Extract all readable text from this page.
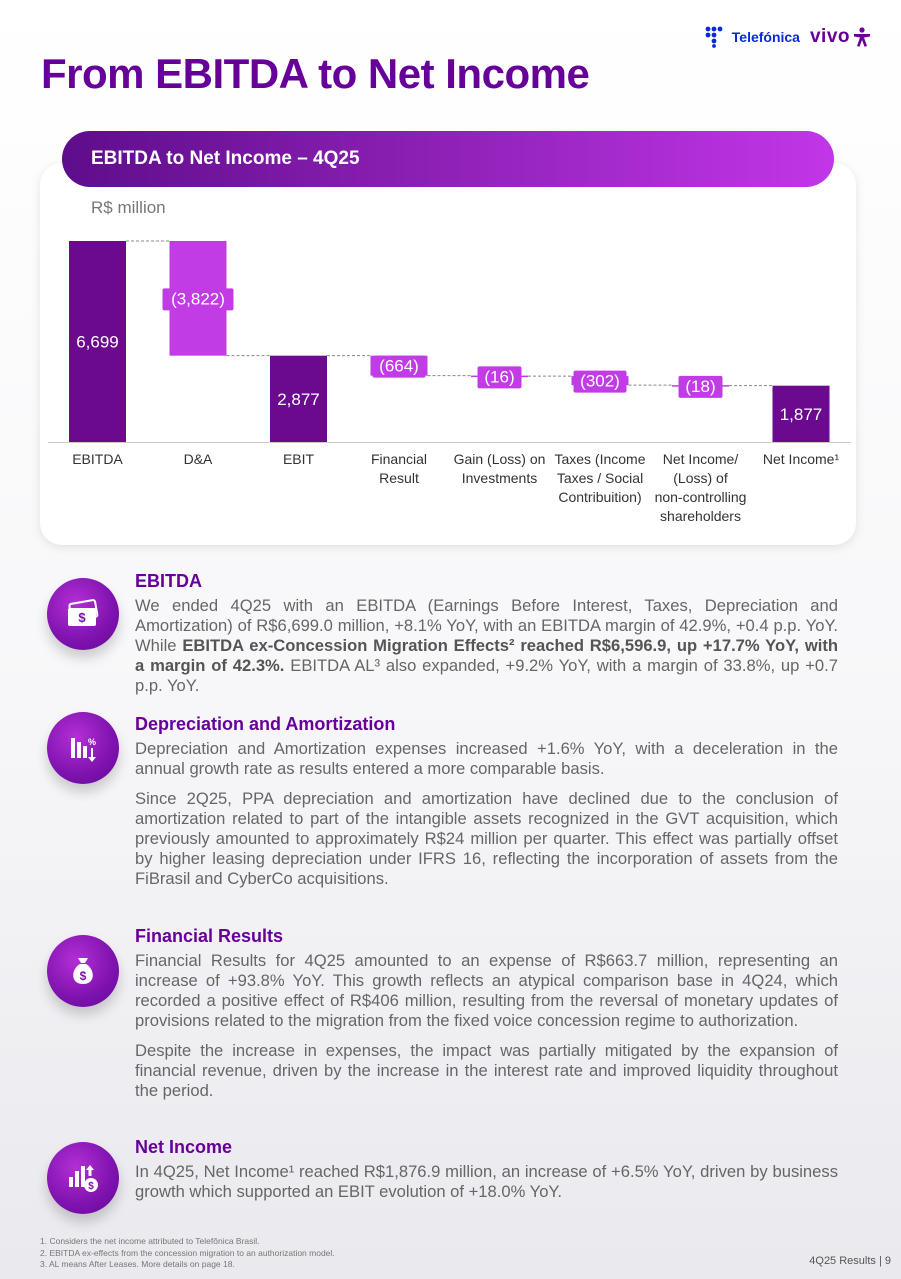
Telefónica vivo
From EBITDA to Net Income
EBITDA to Net Income – 4Q25
R$ million
6,699
EBITDA
(3,822)
D&A
2,877
EBIT
(664)
Financial
Result
(16)
Gain (Loss) on
Investments
(302)
Taxes (Income
Taxes / Social
Contribuition)
(18)
Net Income/
(Loss) of
non-controlling
shareholders
1,877
Net Income¹
$
EBITDA

We ended 4Q25 with an EBITDA (Earnings Before Interest, Taxes, Depreciation and Amortization) of R$6,699.0 million, +8.1% YoY, with an EBITDA margin of 42.9%, +0.4 p.p. YoY. While EBITDA ex-Concession Migration Effects² reached R$6,596.9, up +17.7% YoY, with a margin of 42.3%. EBITDA AL³ also expanded, +9.2% YoY, with a margin of 33.8%, up +0.7 p.p. YoY.

%
Depreciation and Amortization

Depreciation and Amortization expenses increased +1.6% YoY, with a deceleration in the annual growth rate as results entered a more comparable basis.

Since 2Q25, PPA depreciation and amortization have declined due to the conclusion of amortization related to part of the intangible assets recognized in the GVT acquisition, which previously amounted to approximately R$24 million per quarter. This effect was partially offset by higher leasing depreciation under IFRS 16, reflecting the incorporation of assets from the FiBrasil and CyberCo acquisitions.

$
Financial Results

Financial Results for 4Q25 amounted to an expense of R$663.7 million, representing an increase of +93.8% YoY. This growth reflects an atypical comparison base in 4Q24, which recorded a positive effect of R$406 million, resulting from the reversal of monetary updates of provisions related to the migration from the fixed voice concession regime to authorization.

Despite the increase in expenses, the impact was partially mitigated by the expansion of financial revenue, driven by the increase in the interest rate and improved liquidity throughout the period.

$
Net Income

In 4Q25, Net Income¹ reached R$1,876.9 million, an increase of +6.5% YoY, driven by business growth which supported an EBIT evolution of +18.0% YoY.

1. Considers the net income attributed to Telefônica Brasil.
2. EBITDA ex-effects from the concession migration to an authorization model.
3. AL means After Leases. More details on page 18.	4Q25 Results | 9
